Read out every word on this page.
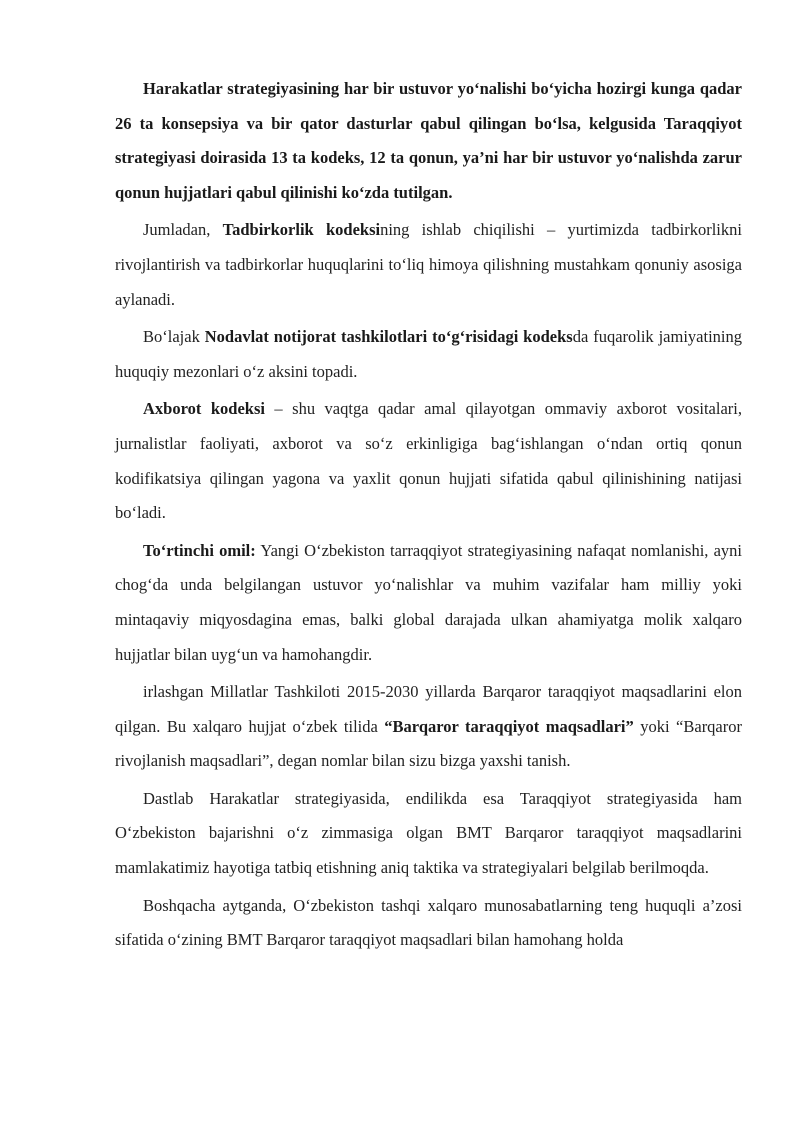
Harakatlar strategiyasining har bir ustuvor yo‘nalishi bo‘yicha hozirgi kunga qadar 26 ta konsepsiya va bir qator dasturlar qabul qilingan bo‘lsa, kelgusida Taraqqiyot strategiyasi doirasida 13 ta kodeks, 12 ta qonun, ya’ni har bir ustuvor yo‘nalishda zarur qonun hujjatlari qabul qilinishi ko‘zda tutilgan.

Jumladan, Tadbirkorlik kodeksining ishlab chiqilishi – yurtimizda tadbirkorlikni rivojlantirish va tadbirkorlar huquqlarini to‘liq himoya qilishning mustahkam qonuniy asosiga aylanadi.

Bo‘lajak Nodavlat notijorat tashkilotlari to‘g‘risidagi kodeksda fuqarolik jamiyatining huquqiy mezonlari o‘z aksini topadi.

Axborot kodeksi – shu vaqtga qadar amal qilayotgan ommaviy axborot vositalari, jurnalistlar faoliyati, axborot va so‘z erkinligiga bag‘ishlangan o‘ndan ortiq qonun kodifikatsiya qilingan yagona va yaxlit qonun hujjati sifatida qabul qilinishining natijasi bo‘ladi.

To‘rtinchi omil: Yangi O‘zbekiston tarraqqiyot strategiyasining nafaqat nomlanishi, ayni chog‘da unda belgilangan ustuvor yo‘nalishlar va muhim vazifalar ham milliy yoki mintaqaviy miqyosdagina emas, balki global darajada ulkan ahamiyatga molik xalqaro hujjatlar bilan uyg‘un va hamohangdir.

irlashgan Millatlar Tashkiloti 2015-2030 yillarda Barqaror taraqqiyot maqsadlarini elon qilgan. Bu xalqaro hujjat o‘zbek tilida “Barqaror taraqqiyot maqsadlari” yoki “Barqaror rivojlanish maqsadlari”, degan nomlar bilan sizu bizga yaxshi tanish.

Dastlab Harakatlar strategiyasida, endilikda esa Taraqqiyot strategiyasida ham O‘zbekiston bajarishni o‘z zimmasiga olgan BMT Barqaror taraqqiyot maqsadlarini mamlakatimiz hayotiga tatbiq etishning aniq taktika va strategiyalari belgilab berilmoqda.

Boshqacha aytganda, O‘zbekiston tashqi xalqaro munosabatlarning teng huquqli a’zosi sifatida o‘zining BMT Barqaror taraqqiyot maqsadlari bilan hamohang holda
